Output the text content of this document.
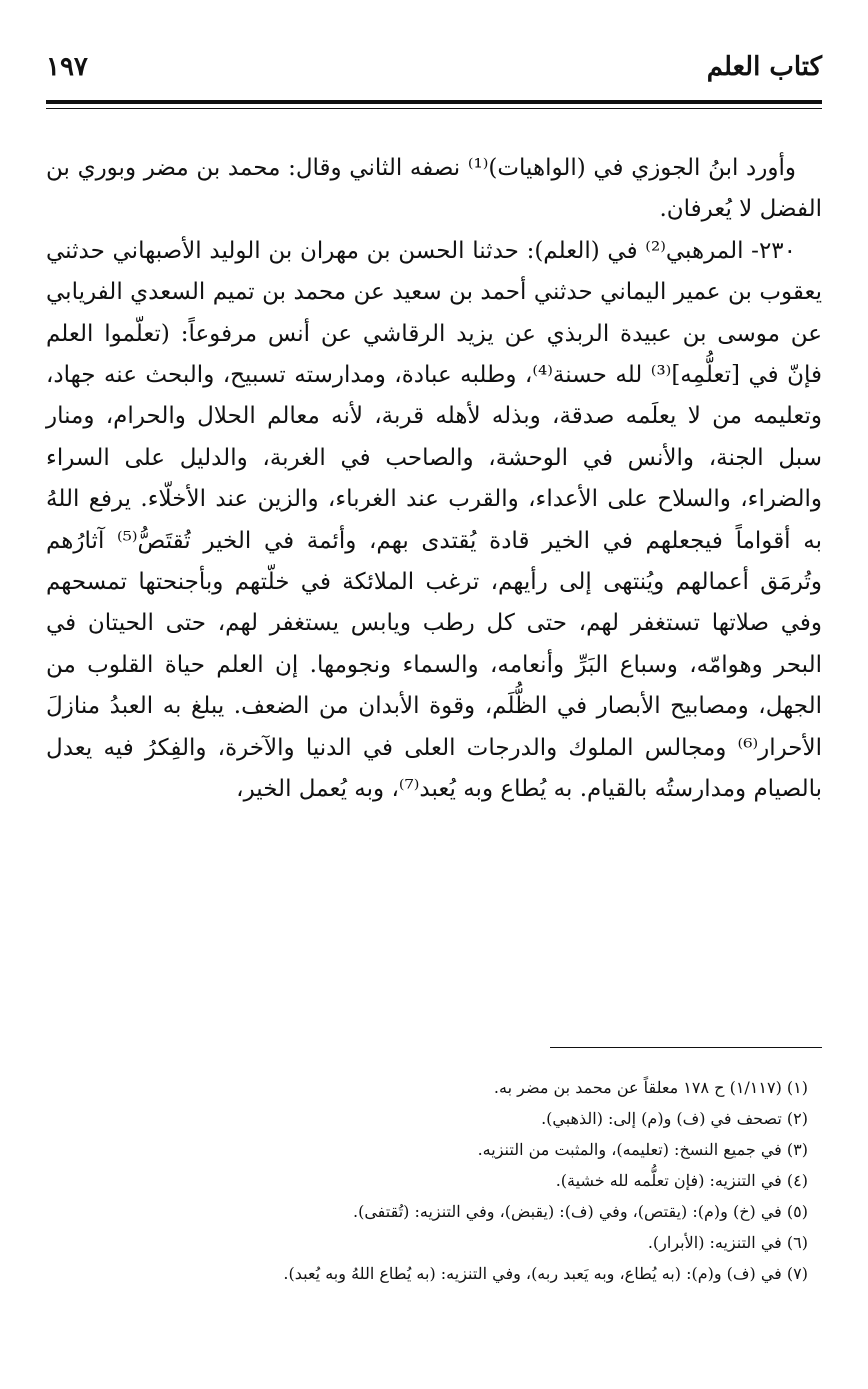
كتاب العلم
١٩٧

وأورد ابنُ الجوزي في (الواهيات)⁽¹⁾ نصفه الثاني وقال: محمد بن مضر وبوري بن الفضل لا يُعرفان.

٢٣٠- المرهبي⁽²⁾ في (العلم): حدثنا الحسن بن مهران بن الوليد الأصبهاني حدثني يعقوب بن عمير اليماني حدثني أحمد بن سعيد عن محمد بن تميم السعدي الفريابي عن موسى بن عبيدة الربذي عن يزيد الرقاشي عن أنس مرفوعاً: (تعلّموا العلم فإنّ في [تعلُّمِه]⁽³⁾ لله حسنة⁽⁴⁾، وطلبه عبادة، ومدارسته تسبيح، والبحث عنه جهاد، وتعليمه من لا يعلَمه صدقة، وبذله لأهله قربة، لأنه معالم الحلال والحرام، ومنار سبل الجنة، والأنس في الوحشة، والصاحب في الغربة، والدليل على السراء والضراء، والسلاح على الأعداء، والقرب عند الغرباء، والزين عند الأخلّاء. يرفع اللهُ به أقواماً فيجعلهم في الخير قادة يُقتدى بهم، وأئمة في الخير تُقتَصُّ⁽⁵⁾ آثارُهم وتُرمَق أعمالهم ويُنتهى إلى رأيهم، ترغب الملائكة في خلّتهم وبأجنحتها تمسحهم وفي صلاتها تستغفر لهم، حتى كل رطب ويابس يستغفر لهم، حتى الحيتان في البحر وهوامّه، وسباع البَرِّ وأنعامه، والسماء ونجومها. إن العلم حياة القلوب من الجهل، ومصابيح الأبصار في الظُّلَم، وقوة الأبدان من الضعف. يبلغ به العبدُ منازلَ الأحرار⁽⁶⁾ ومجالس الملوك والدرجات العلى في الدنيا والآخرة، والفِكرُ فيه يعدل بالصيام ومدارستُه بالقيام. به يُطاع وبه يُعبد⁽⁷⁾، وبه يُعمل الخير،

(١) (١/١١٧) ح ١٧٨ معلقاً عن محمد بن مضر به.

(٢) تصحف في (ف) و(م) إلى: (الذهبي).

(٣) في جميع النسخ: (تعليمه)، والمثبت من التنزيه.

(٤) في التنزيه: (فإن تعلُّمه لله خشية).

(٥) في (خ) و(م): (يقتص)، وفي (ف): (يقبض)، وفي التنزيه: (تُقتفى).

(٦) في التنزيه: (الأبرار).

(٧) في (ف) و(م): (به يُطاع، وبه يَعبد ربه)، وفي التنزيه: (به يُطاع اللهُ وبه يُعبد).
